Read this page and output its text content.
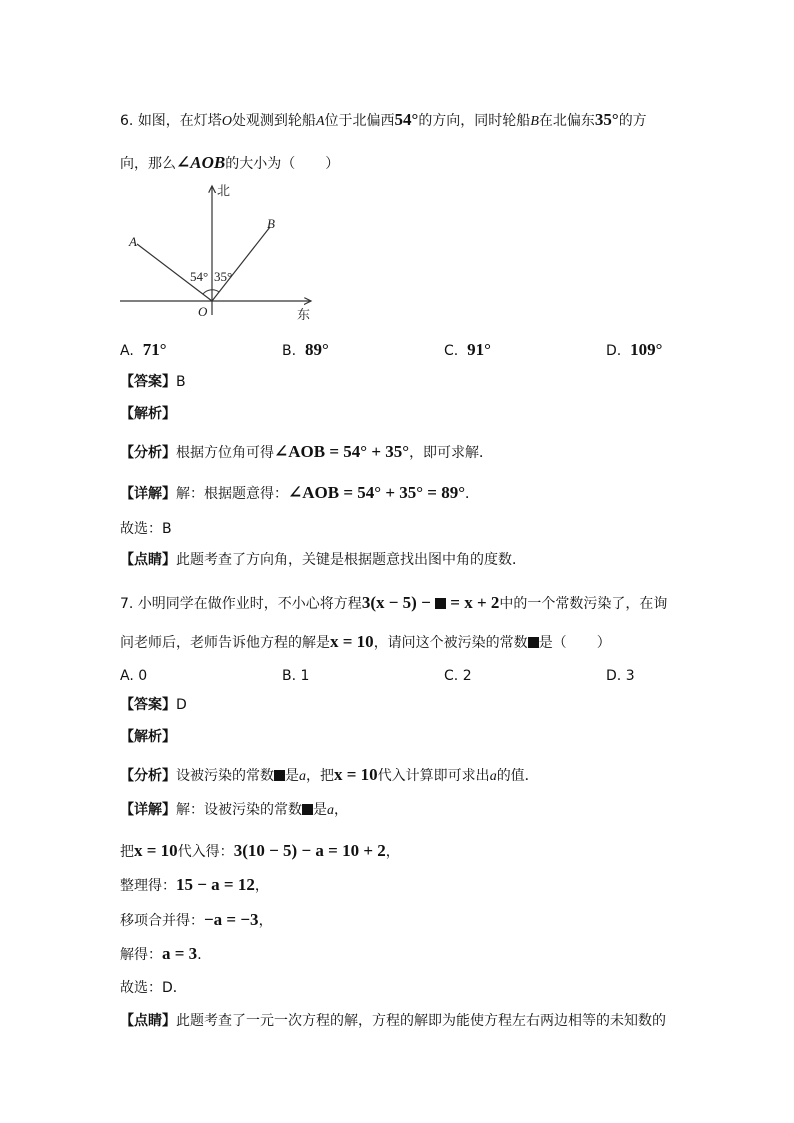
6. 如图，在灯塔O处观测到轮船A位于北偏西54°的方向，同时轮船B在北偏东35°的方
向，那么∠AOB的大小为（ ）
北
东
A
B
O
54° 35°
A. 71°	B. 89°	C. 91°	D. 109°
【答案】B
【解析】
【分析】根据方位角可得∠AOB = 54° + 35°，即可求解．
【详解】解：根据题意得：∠AOB = 54° + 35° = 89°．
故选：B
【点睛】此题考查了方向角，关键是根据题意找出图中角的度数．
7. 小明同学在做作业时，不小心将方程3(x − 5) −  = x + 2中的一个常数污染了，在询
问老师后，老师告诉他方程的解是x = 10，请问这个被污染的常数 是（ ）
A. 0	B. 1	C. 2	D. 3
【答案】D
【解析】
【分析】设被污染的常数 是a，把x = 10代入计算即可求出a的值．
【详解】解：设被污染的常数 是a，
把x = 10代入得：3(10 − 5) − a = 10 + 2，
整理得：15 − a = 12，
移项合并得：−a = −3，
解得：a = 3．
故选：D．
【点睛】此题考查了一元一次方程的解，方程的解即为能使方程左右两边相等的未知数的
